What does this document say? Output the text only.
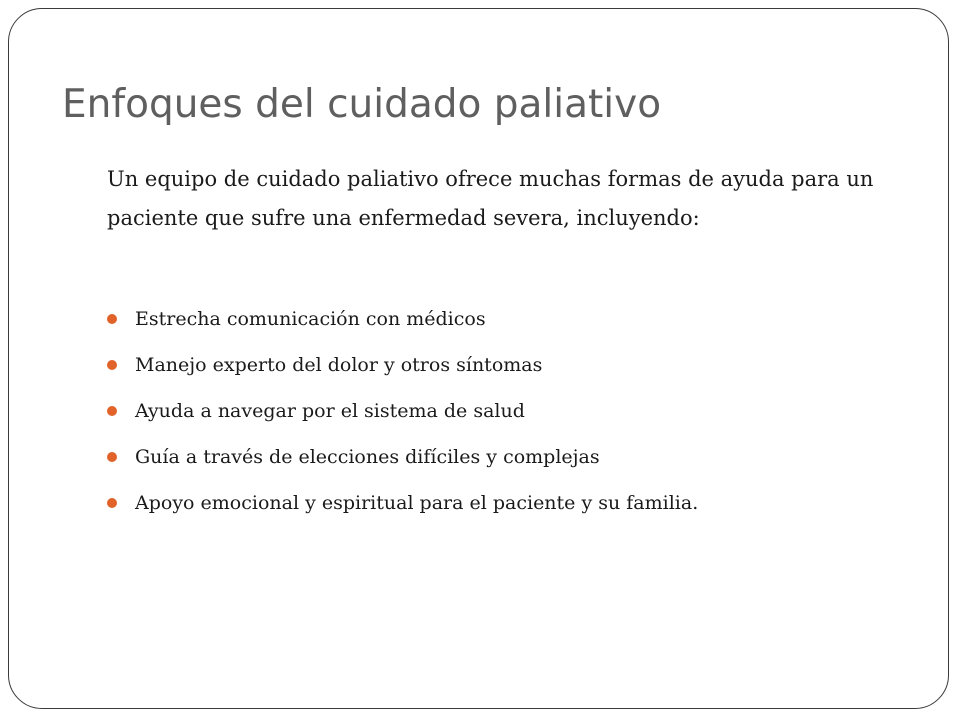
Enfoques del cuidado paliativo

Un equipo de cuidado paliativo ofrece muchas formas de ayuda para un paciente que sufre una enfermedad severa, incluyendo:

Estrecha comunicación con médicos
Manejo experto del dolor y otros síntomas
Ayuda a navegar por el sistema de salud
Guía a través de elecciones difíciles y complejas
Apoyo emocional y espiritual para el paciente y su familia.
